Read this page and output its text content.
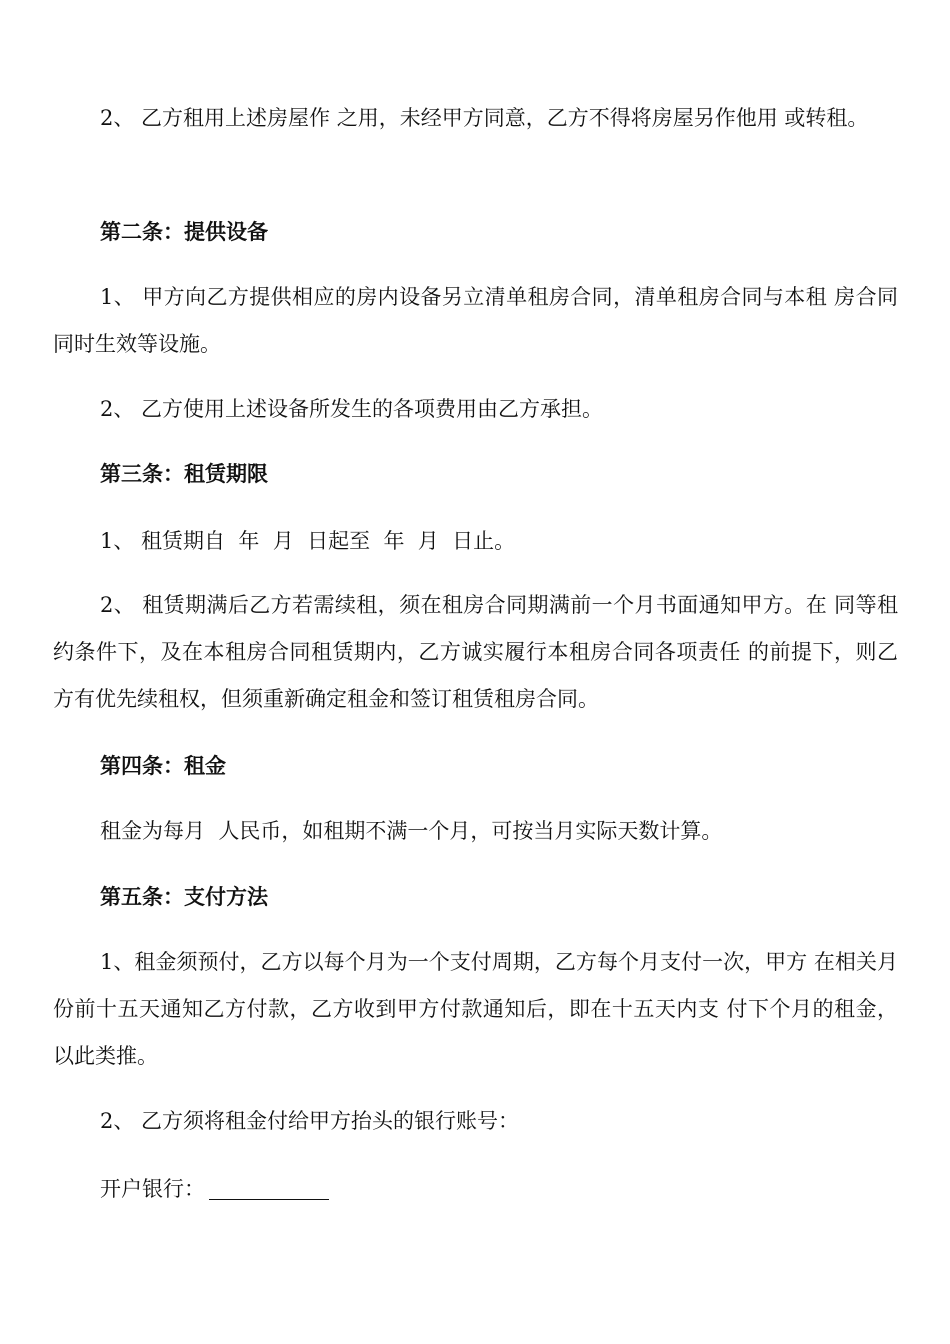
2、 乙方租用上述房屋作 之用，未经甲方同意，乙方不得将房屋另作他用 或转租。

第二条：提供设备

1、 甲方向乙方提供相应的房内设备另立清单租房合同，清单租房合同与本租 房合同同时生效等设施。

2、 乙方使用上述设备所发生的各项费用由乙方承担。

第三条：租赁期限

1、 租赁期自  年  月  日起至  年  月  日止。

2、 租赁期满后乙方若需续租，须在租房合同期满前一个月书面通知甲方。在 同等租约条件下，及在本租房合同租赁期内，乙方诚实履行本租房合同各项责任 的前提下，则乙方有优先续租权，但须重新确定租金和签订租赁租房合同。

第四条：租金

租金为每月  人民币，如租期不满一个月，可按当月实际天数计算。

第五条：支付方法

1、租金须预付，乙方以每个月为一个支付周期，乙方每个月支付一次，甲方 在相关月份前十五天通知乙方付款，乙方收到甲方付款通知后，即在十五天内支 付下个月的租金，以此类推。

2、 乙方须将租金付给甲方抬头的银行账号：

开户银行：
